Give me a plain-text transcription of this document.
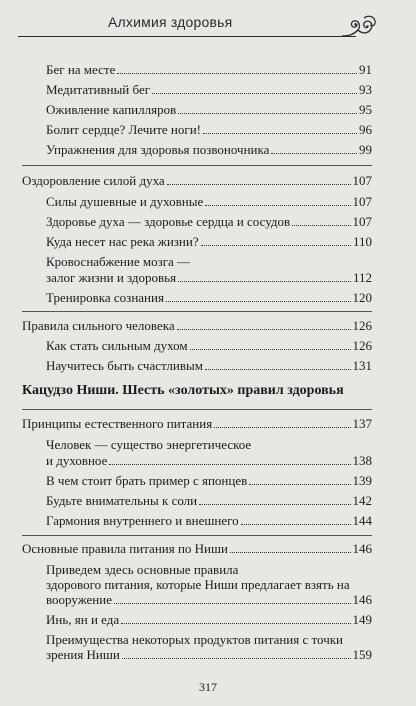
Алхимия здоровья
Бег на месте	91
Медитативный бег	93
Оживление капилляров	95
Болит сердце? Лечите ноги!	96
Упражнения для здоровья позвоночника	99
Оздоровление силой духа	107
Силы душевные и духовные	107
Здоровье духа — здоровье сердца и сосудов	107
Куда несет нас река жизни?	110
Кровоснабжение мозга —
залог жизни и здоровья	112
Тренировка сознания	120
Правила сильного человека	126
Как стать сильным духом	126
Научитесь быть счастливым	131
Кацудзо Ниши. Шесть «золотых» правил здоровья
Принципы естественного питания	137
Человек — существо энергетическое
и духовное	138
В чем стоит брать пример с японцев	139
Будьте внимательны к соли	142
Гармония внутреннего и внешнего	144
Основные правила питания по Ниши	146
Приведем здесь основные правила
здорового питания, которые Ниши предлагает взять на
вооружение	146
Инь, ян и еда	149
Преимущества некоторых продуктов питания с точки
зрения Ниши	159
317
